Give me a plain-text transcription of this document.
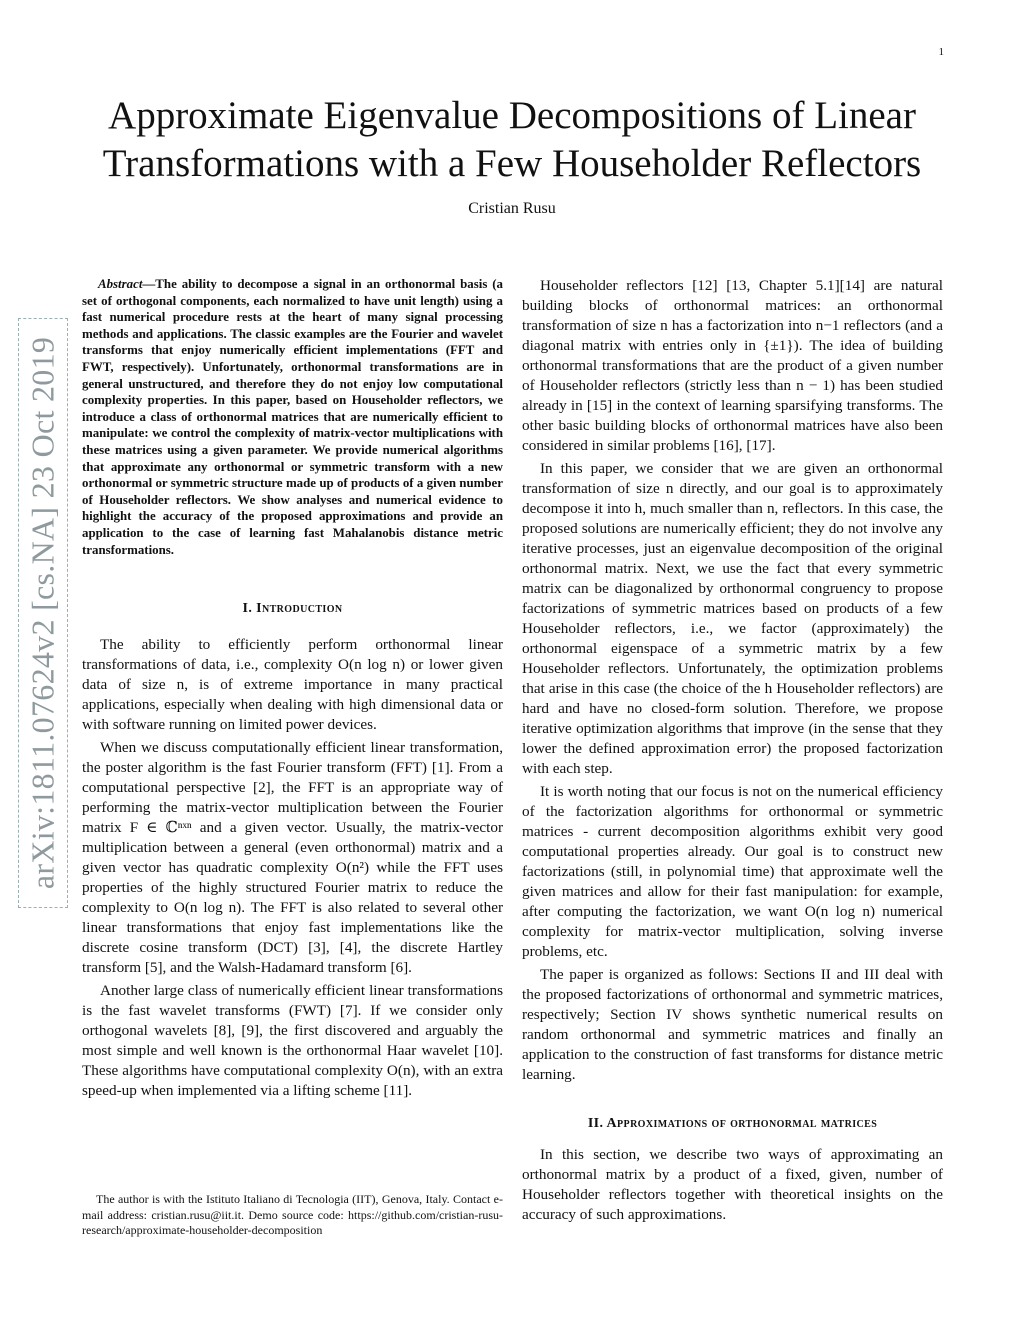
1
Approximate Eigenvalue Decompositions of Linear Transformations with a Few Householder Reflectors
Cristian Rusu
arXiv:1811.07624v2 [cs.NA] 23 Oct 2019

Abstract—The ability to decompose a signal in an orthonormal basis (a set of orthogonal components, each normalized to have unit length) using a fast numerical procedure rests at the heart of many signal processing methods and applications. The classic examples are the Fourier and wavelet transforms that enjoy numerically efficient implementations (FFT and FWT, respectively). Unfortunately, orthonormal transformations are in general unstructured, and therefore they do not enjoy low computational complexity properties. In this paper, based on Householder reflectors, we introduce a class of orthonormal matrices that are numerically efficient to manipulate: we control the complexity of matrix-vector multiplications with these matrices using a given parameter. We provide numerical algorithms that approximate any orthonormal or symmetric transform with a new orthonormal or symmetric structure made up of products of a given number of Householder reflectors. We show analyses and numerical evidence to highlight the accuracy of the proposed approximations and provide an application to the case of learning fast Mahalanobis distance metric transformations.

I. Introduction

The ability to efficiently perform orthonormal linear transformations of data, i.e., complexity O(n log n) or lower given data of size n, is of extreme importance in many practical applications, especially when dealing with high dimensional data or with software running on limited power devices.

When we discuss computationally efficient linear transformation, the poster algorithm is the fast Fourier transform (FFT) [1]. From a computational perspective [2], the FFT is an appropriate way of performing the matrix-vector multiplication between the Fourier matrix F ∈ ℂⁿˣⁿ and a given vector. Usually, the matrix-vector multiplication between a general (even orthonormal) matrix and a given vector has quadratic complexity O(n²) while the FFT uses properties of the highly structured Fourier matrix to reduce the complexity to O(n log n). The FFT is also related to several other linear transformations that enjoy fast implementations like the discrete cosine transform (DCT) [3], [4], the discrete Hartley transform [5], and the Walsh-Hadamard transform [6].

Another large class of numerically efficient linear transformations is the fast wavelet transforms (FWT) [7]. If we consider only orthogonal wavelets [8], [9], the first discovered and arguably the most simple and well known is the orthonormal Haar wavelet [10]. These algorithms have computational complexity O(n), with an extra speed-up when implemented via a lifting scheme [11].

The author is with the Istituto Italiano di Tecnologia (IIT), Genova, Italy. Contact e-mail address: cristian.rusu@iit.it. Demo source code: https://github.com/cristian-rusu-research/approximate-householder-decomposition

Householder reflectors [12] [13, Chapter 5.1][14] are natural building blocks of orthonormal matrices: an orthonormal transformation of size n has a factorization into n−1 reflectors (and a diagonal matrix with entries only in {±1}). The idea of building orthonormal transformations that are the product of a given number of Householder reflectors (strictly less than n − 1) has been studied already in [15] in the context of learning sparsifying transforms. The other basic building blocks of orthonormal matrices have also been considered in similar problems [16], [17].

In this paper, we consider that we are given an orthonormal transformation of size n directly, and our goal is to approximately decompose it into h, much smaller than n, reflectors. In this case, the proposed solutions are numerically efficient; they do not involve any iterative processes, just an eigenvalue decomposition of the original orthonormal matrix. Next, we use the fact that every symmetric matrix can be diagonalized by orthonormal congruency to propose factorizations of symmetric matrices based on products of a few Householder reflectors, i.e., we factor (approximately) the orthonormal eigenspace of a symmetric matrix by a few Householder reflectors. Unfortunately, the optimization problems that arise in this case (the choice of the h Householder reflectors) are hard and have no closed-form solution. Therefore, we propose iterative optimization algorithms that improve (in the sense that they lower the defined approximation error) the proposed factorization with each step.

It is worth noting that our focus is not on the numerical efficiency of the factorization algorithms for orthonormal or symmetric matrices - current decomposition algorithms exhibit very good computational properties already. Our goal is to construct new factorizations (still, in polynomial time) that approximate well the given matrices and allow for their fast manipulation: for example, after computing the factorization, we want O(n log n) numerical complexity for matrix-vector multiplication, solving inverse problems, etc.

The paper is organized as follows: Sections II and III deal with the proposed factorizations of orthonormal and symmetric matrices, respectively; Section IV shows synthetic numerical results on random orthonormal and symmetric matrices and finally an application to the construction of fast transforms for distance metric learning.

II. Approximations of orthonormal matrices

In this section, we describe two ways of approximating an orthonormal matrix by a product of a fixed, given, number of Householder reflectors together with theoretical insights on the accuracy of such approximations.
